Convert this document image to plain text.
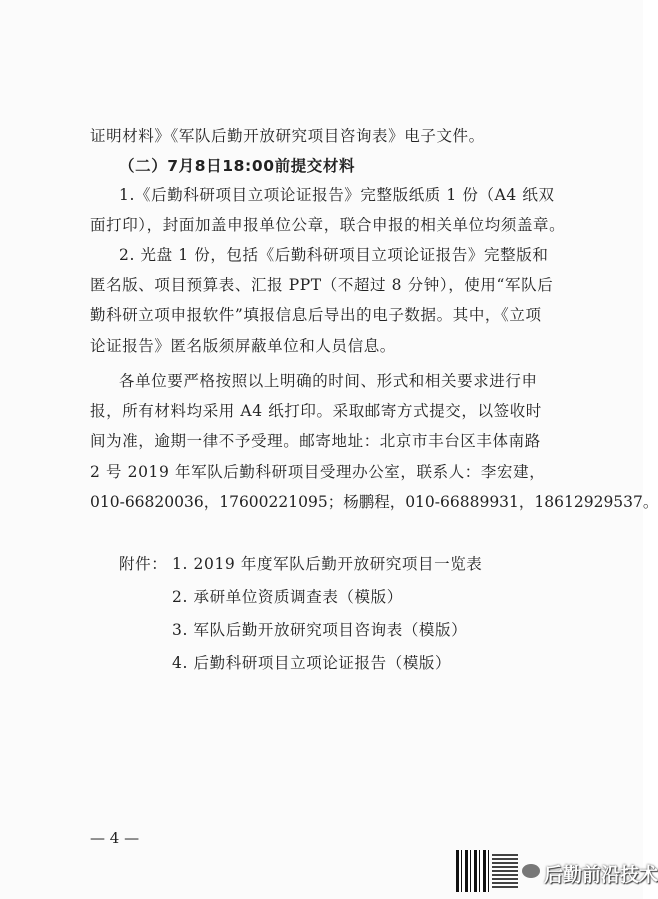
证明材料》《军队后勤开放研究项目咨询表》电子文件。
（二）7月8日18:00前提交材料
1.《后勤科研项目立项论证报告》完整版纸质 1 份（A4 纸双
面打印），封面加盖申报单位公章，联合申报的相关单位均须盖章。
2. 光盘 1 份，包括《后勤科研项目立项论证报告》完整版和
匿名版、项目预算表、汇报 PPT（不超过 8 分钟），使用“军队后
勤科研立项申报软件”填报信息后导出的电子数据。其中，《立项
论证报告》匿名版须屏蔽单位和人员信息。
各单位要严格按照以上明确的时间、形式和相关要求进行申
报，所有材料均采用 A4 纸打印。采取邮寄方式提交，以签收时
间为准，逾期一律不予受理。邮寄地址：北京市丰台区丰体南路
2 号 2019 年军队后勤科研项目受理办公室，联系人：李宏建，
010-66820036，17600221095；杨鹏程，010-66889931，18612929537。
附件： 1. 2019 年度军队后勤开放研究项目一览表
2. 承研单位资质调查表（模版）
3. 军队后勤开放研究项目咨询表（模版）
4. 后勤科研项目立项论证报告（模版）
— 4 —
后勤前沿技术
